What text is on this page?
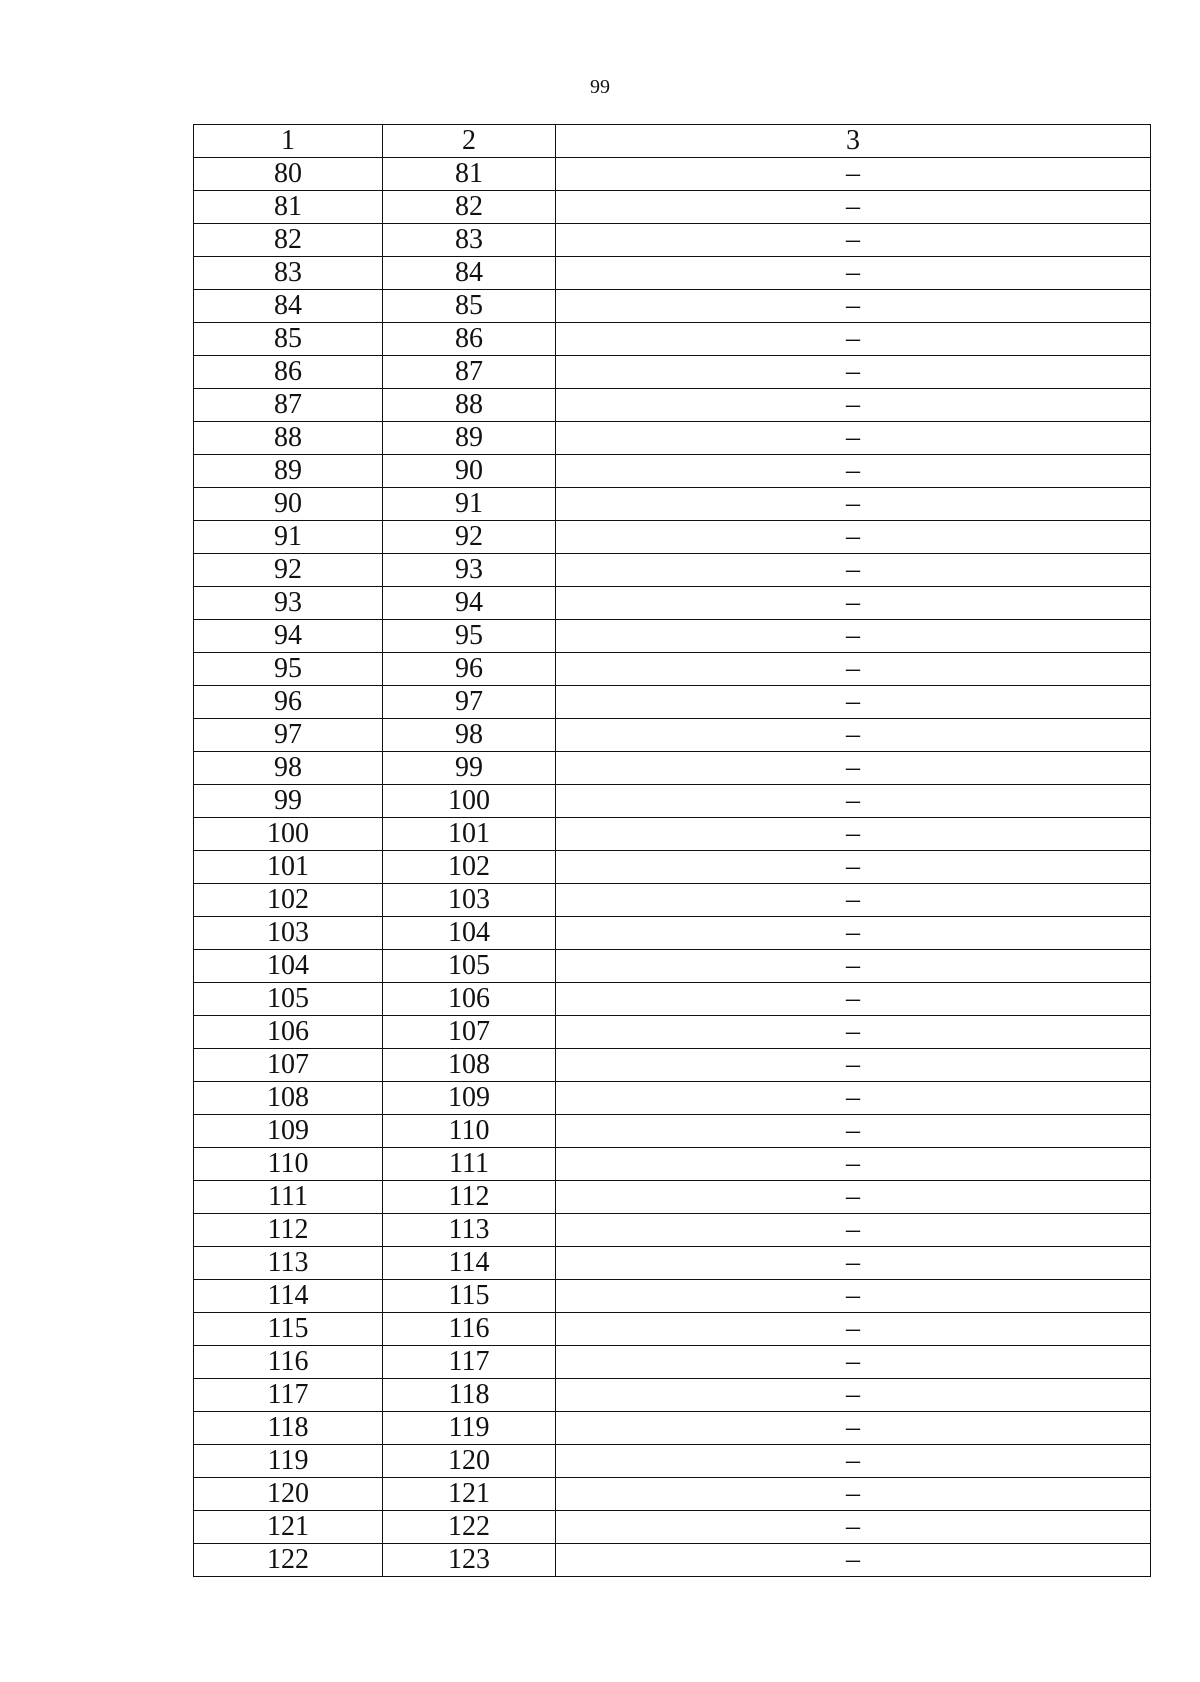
99
1	2	3
80	81	–
81	82	–
82	83	–
83	84	–
84	85	–
85	86	–
86	87	–
87	88	–
88	89	–
89	90	–
90	91	–
91	92	–
92	93	–
93	94	–
94	95	–
95	96	–
96	97	–
97	98	–
98	99	–
99	100	–
100	101	–
101	102	–
102	103	–
103	104	–
104	105	–
105	106	–
106	107	–
107	108	–
108	109	–
109	110	–
110	111	–
111	112	–
112	113	–
113	114	–
114	115	–
115	116	–
116	117	–
117	118	–
118	119	–
119	120	–
120	121	–
121	122	–
122	123	–
